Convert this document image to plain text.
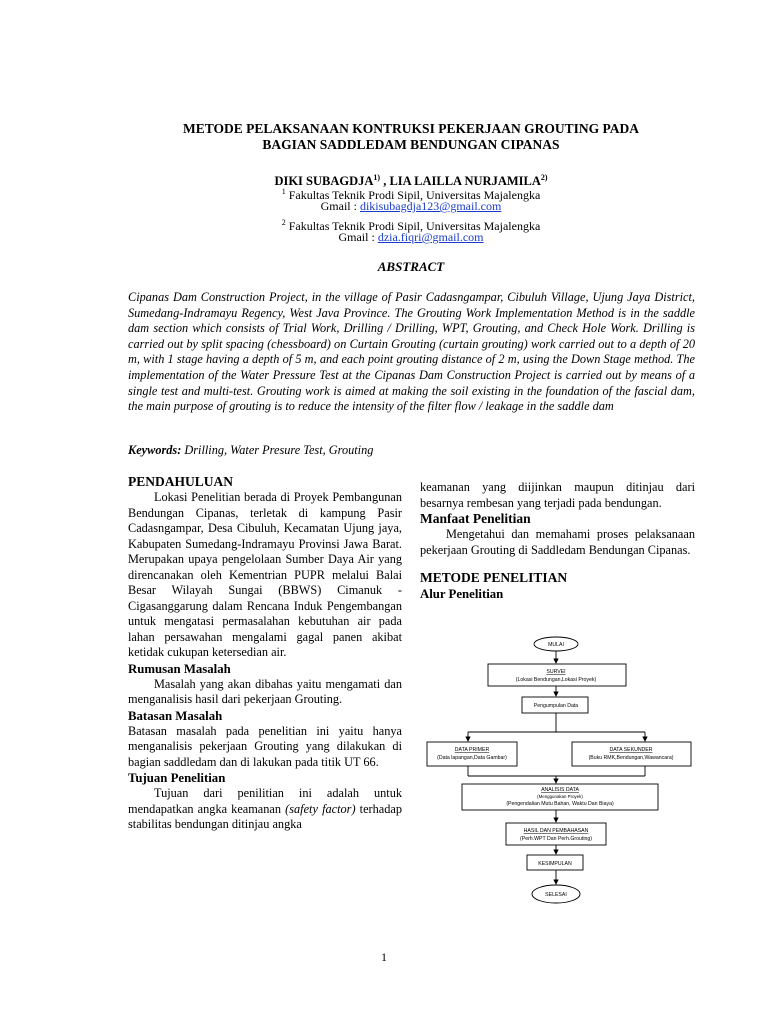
METODE PELAKSANAAN KONTRUKSI PEKERJAAN GROUTING PADA
BAGIAN SADDLEDAM BENDUNGAN CIPANAS
DIKI SUBAGDJA$^{1)}$ , LIA LAILLA NURJAMILA$^{2)}$
$^1$ Fakultas Teknik Prodi Sipil, Universitas Majalengka
Gmail : dikisubagdja123@gmail.com
$^2$ Fakultas Teknik Prodi Sipil, Universitas Majalengka
Gmail : dzia.fiqri@gmail.com
ABSTRACT

Cipanas Dam Construction Project, in the village of Pasir Cadasngampar, Cibuluh Village, Ujung Jaya District, Sumedang-Indramayu Regency, West Java Province. The Grouting Work Implementation Method is in the saddle dam section which consists of Trial Work, Drilling / Drilling, WPT, Grouting, and Check Hole Work. Drilling is carried out by split spacing (chessboard) on Curtain Grouting (curtain grouting) work carried out to a depth of 20 m, with 1 stage having a depth of 5 m, and each point grouting distance of 2 m, using the Down Stage method. The implementation of the Water Pressure Test at the Cipanas Dam Construction Project is carried out by means of a single test and multi-test. Grouting work is aimed at making the soil existing in the foundation of the fascial dam, the main purpose of grouting is to reduce the intensity of the filter flow / leakage in the saddle dam

Keywords: Drilling, Water Presure Test, Grouting
PENDAHULUAN

Lokasi Penelitian berada di Proyek Pembangunan Bendungan Cipanas, terletak di kampung Pasir Cadasngampar, Desa Cibuluh, Kecamatan Ujung jaya, Kabupaten Sumedang-Indramayu Provinsi Jawa Barat. Merupakan upaya pengelolaan Sumber Daya Air yang direncanakan oleh Kementrian PUPR melalui Balai Besar Wilayah Sungai (BBWS) Cimanuk - Cigasanggarung dalam Rencana Induk Pengembangan untuk mengatasi permasalahan kebutuhan air pada lahan persawahan mengalami gagal panen akibat ketidak cukupan ketersedian air.

Rumusan Masalah

Masalah yang akan dibahas yaitu mengamati dan menganalisis hasil dari pekerjaan Grouting.

Batasan Masalah

Batasan masalah pada penelitian ini yaitu hanya menganalisis pekerjaan Grouting yang dilakukan di bagian saddledam dan di lakukan pada titik UT 66.

Tujuan Penelitian

Tujuan dari penilitian ini adalah untuk mendapatkan angka keamanan (safety factor) terhadap stabilitas bendungan ditinjau angka

keamanan yang diijinkan maupun ditinjau dari besarnya rembesan yang terjadi pada bendungan.

Manfaat Penelitian

Mengetahui dan memahami proses pelaksanaan pekerjaan Grouting di Saddledam Bendungan Cipanas.

METODE PENELITIAN
Alur Penelitian
MULAI
SURVEI
(Lokasi Bendungan,Lokasi Proyek)
Pengumpulan Data
DATA PRIMER
(Data lapangan,Data Gambar)
DATA SEKUNDER
(Buku RMK,Bendungan,Wawancara)
ANALISIS DATA
(Menggunakan Proyek)
(Pengendalian Mutu Bahan, Waktu Dan Biaya)
HASIL DAN PEMBAHASAN
(Perh.WPT Dan Perh.Grouting)
KESIMPULAN
SELESAI
1
